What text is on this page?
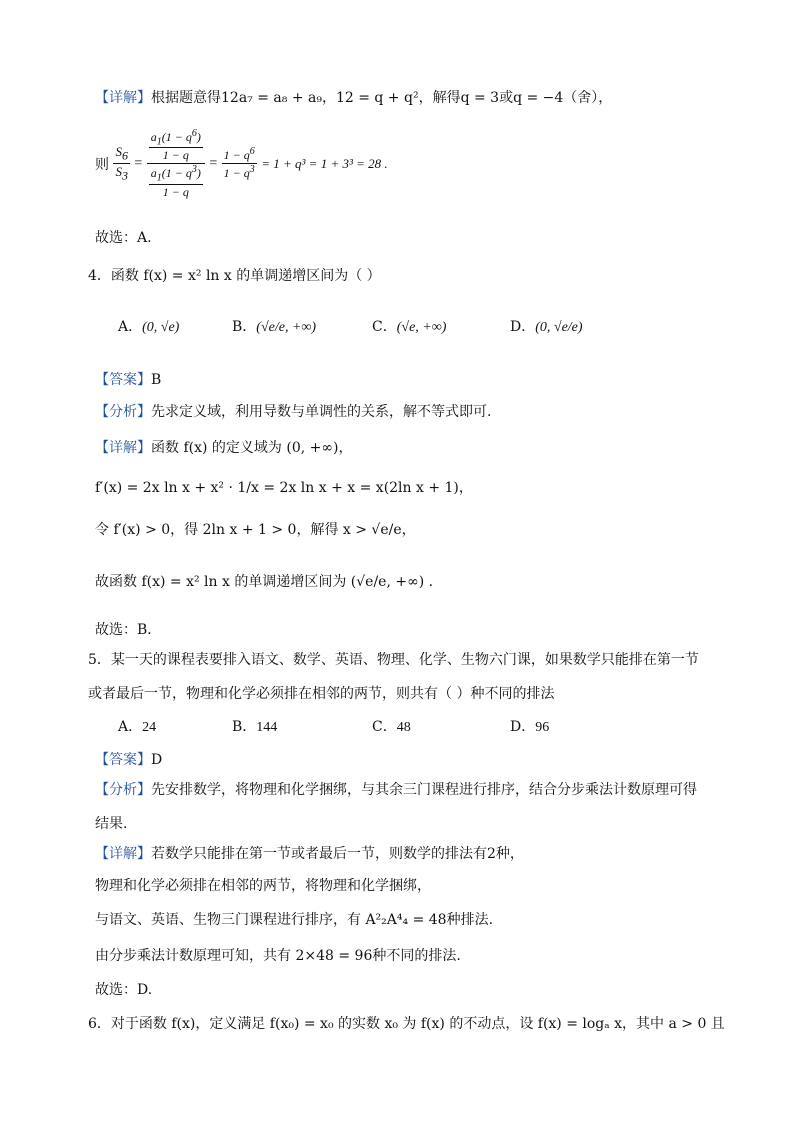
【详解】根据题意得12a₇ = a₈ + a₉，12 = q + q²，解得q = 3或q = −4（舍），
则 $\frac{S_6}{S_3} = \frac{\frac{a_1(1 - q^6)}{1 - q}}{\frac{a_1(1 - q^3)}{1 - q}} = \frac{1 - q^6}{1 - q^3} = 1 + q^3 = 1 + 3^3 = 28$ .
故选：A.
4．函数 f(x) = x² ln x 的单调递增区间为（ ）
A．(0, √e)	B．(√e/e, +∞)	C．(√e, +∞)	D．(0, √e/e)
【答案】B
【分析】先求定义域，利用导数与单调性的关系，解不等式即可.
【详解】函数 f(x) 的定义域为 (0, +∞)，
f′(x) = 2x ln x + x² · 1/x = 2x ln x + x = x(2ln x + 1)，
令 f′(x) > 0，得 2ln x + 1 > 0，解得 x > √e/e，
故函数 f(x) = x² ln x 的单调递增区间为 (√e/e, +∞) .
故选：B．
5．某一天的课程表要排入语文、数学、英语、物理、化学、生物六门课，如果数学只能排在第一节
或者最后一节，物理和化学必须排在相邻的两节，则共有（ ）种不同的排法
A．24	B．144	C．48	D．96
【答案】D
【分析】先安排数学，将物理和化学捆绑，与其余三门课程进行排序，结合分步乘法计数原理可得
结果.
【详解】若数学只能排在第一节或者最后一节，则数学的排法有2种，
物理和化学必须排在相邻的两节，将物理和化学捆绑，
与语文、英语、生物三门课程进行排序，有 A²₂A⁴₄ = 48种排法.
由分步乘法计数原理可知，共有 2×48 = 96种不同的排法.
故选：D.
6．对于函数 f(x)，定义满足 f(x₀) = x₀ 的实数 x₀ 为 f(x) 的不动点，设 f(x) = logₐ x，其中 a > 0 且
